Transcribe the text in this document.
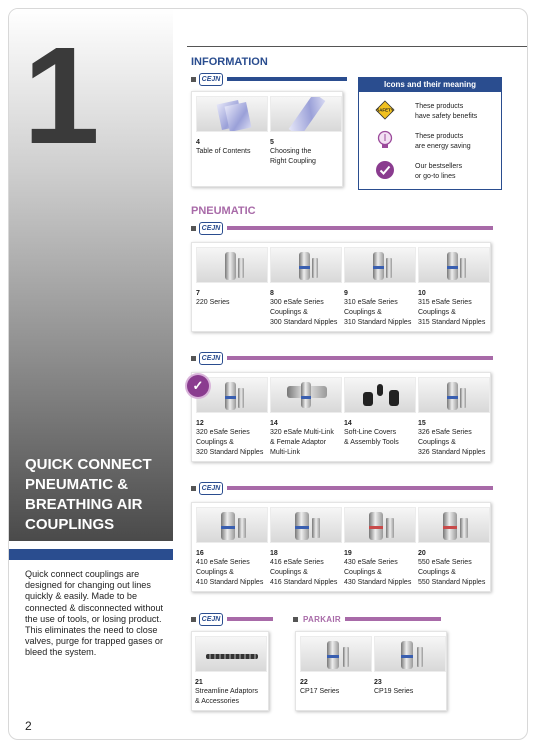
1
QUICK CONNECT PNEUMATIC & BREATHING AIR COUPLINGS
Quick connect couplings are designed for changing out lines quickly & easily. Made to be connected & disconnected without the use of tools, or losing product. This eliminates the need to close valves, purge for trapped gases or bleed the system.
2
INFORMATION
CEJN
4
Table of Contents
5
Choosing the
Right Coupling
Icons and their meaning
SAFETY
These products
have safety benefits
These products
are energy saving
Our bestsellers
or go-to lines
PNEUMATIC
CEJN
7
220 Series
8
300 eSafe Series
Couplings &
300 Standard Nipples
9
310 eSafe Series
Couplings &
310 Standard Nipples
10
315 eSafe Series
Couplings &
315 Standard Nipples
CEJN
12
320 eSafe Series
Couplings &
320 Standard Nipples
14
320 eSafe Multi-Link
& Female Adaptor
Multi-Link
14
Soft-Line Covers
& Assembly Tools
15
326 eSafe Series
Couplings &
326 Standard Nipples
✓
CEJN
16
410 eSafe Series
Couplings &
410 Standard Nipples
18
416 eSafe Series
Couplings &
416 Standard Nipples
19
430 eSafe Series
Couplings &
430 Standard Nipples
20
550 eSafe Series
Couplings &
550 Standard Nipples
CEJN
21
Streamline Adaptors
& Accessories
PARKAIR
22
CP17 Series
23
CP19 Series
